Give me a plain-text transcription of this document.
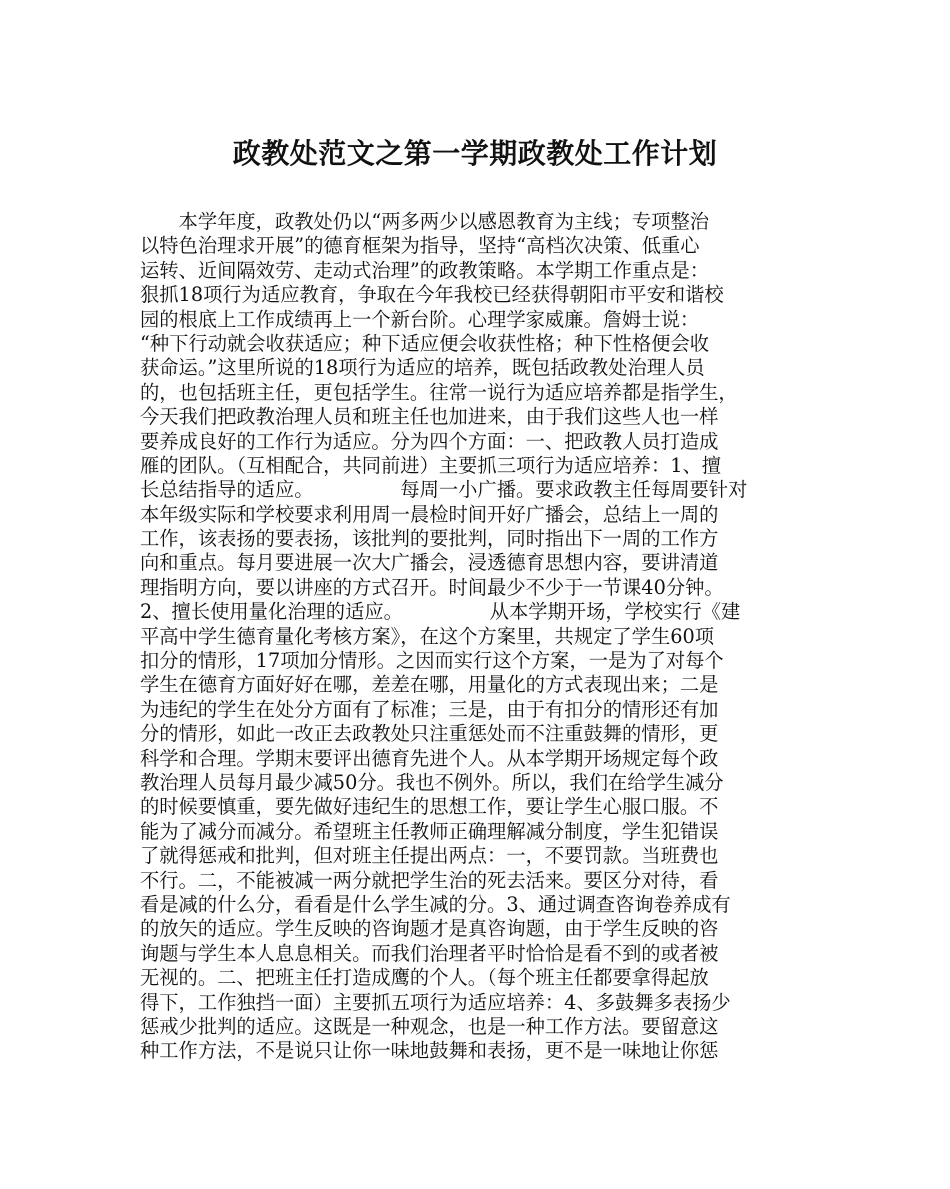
政教处范文之第一学期政教处工作计划
　　本学年度，政教处仍以“两多两少以感恩教育为主线；专项整治
以特色治理求开展”的德育框架为指导，坚持“高档次决策、低重心
运转、近间隔效劳、走动式治理”的政教策略。本学期工作重点是：
狠抓18项行为适应教育，争取在今年我校已经获得朝阳市平安和谐校
园的根底上工作成绩再上一个新台阶。心理学家威廉。詹姆士说：
“种下行动就会收获适应；种下适应便会收获性格；种下性格便会收
获命运。”这里所说的18项行为适应的培养，既包括政教处治理人员
的，也包括班主任，更包括学生。往常一说行为适应培养都是指学生，
今天我们把政教治理人员和班主任也加进来，由于我们这些人也一样
要养成良好的工作行为适应。分为四个方面：一、把政教人员打造成
雁的团队。（互相配合，共同前进）主要抓三项行为适应培养：1、擅
长总结指导的适应。　　　　　每周一小广播。要求政教主任每周要针对
本年级实际和学校要求利用周一晨检时间开好广播会，总结上一周的
工作，该表扬的要表扬，该批判的要批判，同时指出下一周的工作方
向和重点。每月要进展一次大广播会，浸透德育思想内容，要讲清道
理指明方向，要以讲座的方式召开。时间最少不少于一节课40分钟。
2、擅长使用量化治理的适应。　　　　　从本学期开场，学校实行《建
平高中学生德育量化考核方案》，在这个方案里，共规定了学生60项
扣分的情形，17项加分情形。之因而实行这个方案，一是为了对每个
学生在德育方面好好在哪，差差在哪，用量化的方式表现出来；二是
为违纪的学生在处分方面有了标准；三是，由于有扣分的情形还有加
分的情形，如此一改正去政教处只注重惩处而不注重鼓舞的情形，更
科学和合理。学期末要评出德育先进个人。从本学期开场规定每个政
教治理人员每月最少减50分。我也不例外。所以，我们在给学生减分
的时候要慎重，要先做好违纪生的思想工作，要让学生心服口服。不
能为了减分而减分。希望班主任教师正确理解减分制度，学生犯错误
了就得惩戒和批判，但对班主任提出两点：一，不要罚款。当班费也
不行。二，不能被减一两分就把学生治的死去活来。要区分对待，看
看是减的什么分，看看是什么学生减的分。3、通过调查咨询卷养成有
的放矢的适应。学生反映的咨询题才是真咨询题，由于学生反映的咨
询题与学生本人息息相关。而我们治理者平时恰恰是看不到的或者被
无视的。二、把班主任打造成鹰的个人。（每个班主任都要拿得起放
得下，工作独挡一面）主要抓五项行为适应培养：4、多鼓舞多表扬少
惩戒少批判的适应。这既是一种观念，也是一种工作方法。要留意这
种工作方法，不是说只让你一味地鼓舞和表扬，更不是一味地让你惩
